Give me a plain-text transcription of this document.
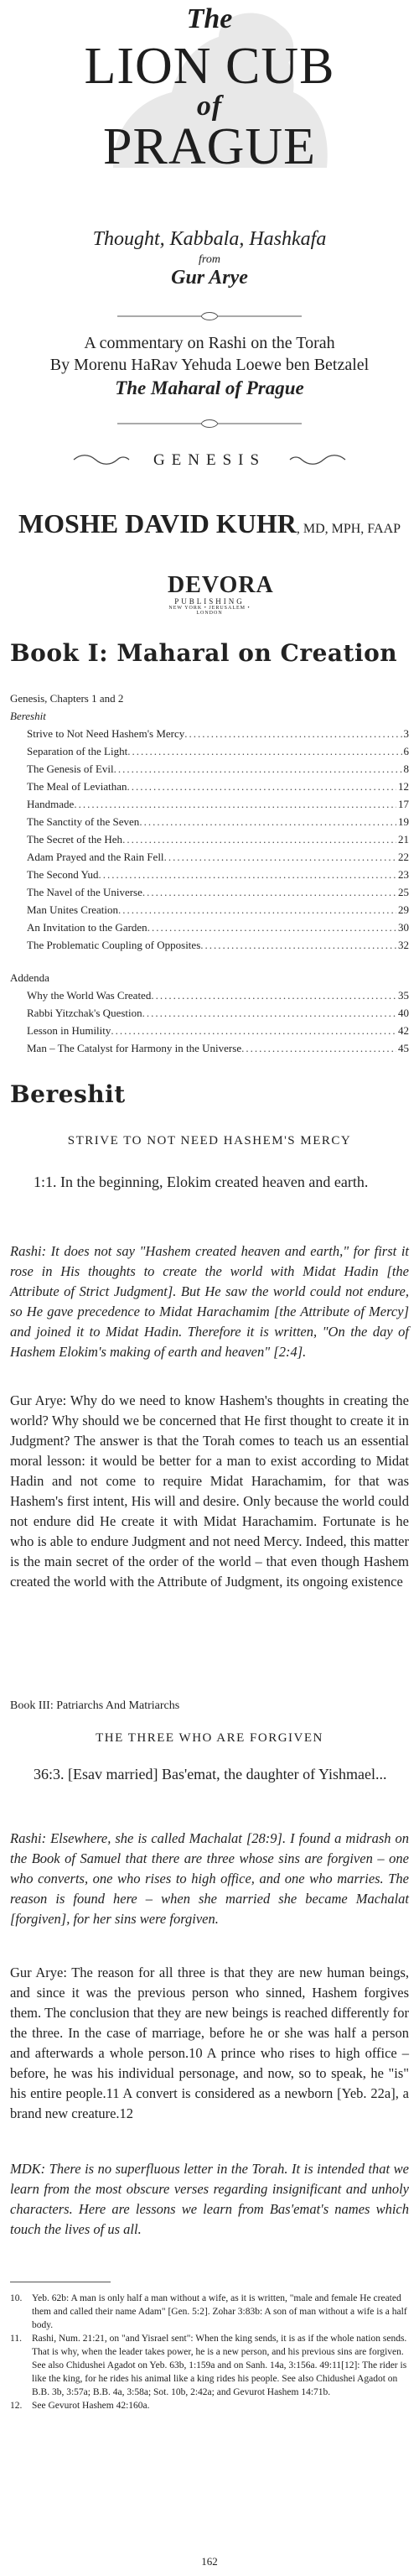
The
LION CUB
of
PRAGUE
Thought, Kabbala, Hashkafa
from
Gur Arye
A commentary on Rashi on the Torah
By Morenu HaRav Yehuda Loewe ben Betzalel
The Maharal of Prague
GENESIS
MOSHE DAVID KUHR, MD, MPH, FAAP
DEVORA
PUBLISHING
NEW YORK • JERUSALEM • LONDON
Book I: Maharal on Creation
Genesis, Chapters 1 and 2
Bereshit
Strive to Not Need Hashem's Mercy .....	3
Separation of the Light .....	6
The Genesis of Evil .....	8
The Meal of Leviathan .....	12
Handmade .....	17
The Sanctity of the Seven .....	19
The Secret of the Heh .....	21
Adam Prayed and the Rain Fell .....	22
The Second Yud .....	23
The Navel of the Universe .....	25
Man Unites Creation .....	29
An Invitation to the Garden .....	30
The Problematic Coupling of Opposites .....	32
Addenda
Why the World Was Created .....	35
Rabbi Yitzchak's Question .....	40
Lesson in Humility .....	42
Man – The Catalyst for Harmony in the Universe .....	45
Bereshit
STRIVE TO NOT NEED HASHEM'S MERCY
1:1. In the beginning, Elokim created heaven and earth.
Rashi: It does not say "Hashem created heaven and earth," for first it rose in His thoughts to create the world with Midat Hadin [the Attribute of Strict Judgment]. But He saw the world could not endure, so He gave precedence to Midat Harachamim [the Attribute of Mercy] and joined it to Midat Hadin. Therefore it is written, "On the day of Hashem Elokim's making of earth and heaven" [2:4].
Gur Arye: Why do we need to know Hashem's thoughts in creating the world? Why should we be concerned that He first thought to create it in Judgment? The answer is that the Torah comes to teach us an essential moral lesson: it would be better for a man to exist according to Midat Hadin and not come to require Midat Harachamim, for that was Hashem's first intent, His will and desire. Only because the world could not endure did He create it with Midat Harachamim. Fortunate is he who is able to endure Judgment and not need Mercy. Indeed, this matter is the main secret of the order of the world – that even though Hashem created the world with the Attribute of Judgment, its ongoing existence
Book III: Patriarchs And Matriarchs
THE THREE WHO ARE FORGIVEN
36:3. [Esav married] Bas'emat, the daughter of Yishmael...
Rashi: Elsewhere, she is called Machalat [28:9]. I found a midrash on the Book of Samuel that there are three whose sins are forgiven – one who converts, one who rises to high office, and one who marries. The reason is found here – when she married she became Machalat [forgiven], for her sins were forgiven.
Gur Arye: The reason for all three is that they are new human beings, and since it was the previous person who sinned, Hashem forgives them. The conclusion that they are new beings is reached differently for the three. In the case of marriage, before he or she was half a person and afterwards a whole person.10 A prince who rises to high office – before, he was his individual personage, and now, so to speak, he "is" his entire people.11 A convert is considered as a newborn [Yeb. 22a], a brand new creature.12
MDK: There is no superfluous letter in the Torah. It is intended that we learn from the most obscure verses regarding insignificant and unholy characters. Here are lessons we learn from Bas'emat's names which touch the lives of us all.
10.	Yeb. 62b: A man is only half a man without a wife, as it is written, "male and female He created them and called their name Adam" [Gen. 5:2]. Zohar 3:83b: A son of man without a wife is a half body.
11.	Rashi, Num. 21:21, on "and Yisrael sent": When the king sends, it is as if the whole nation sends. That is why, when the leader takes power, he is a new person, and his previous sins are forgiven. See also Chidushei Agadot on Yeb. 63b, 1:159a and on Sanh. 14a, 3:156a. 49:11[12]: The rider is like the king, for he rides his animal like a king rides his people. See also Chidushei Agadot on B.B. 3b, 3:57a; B.B. 4a, 3:58a; Sot. 10b, 2:42a; and Gevurot Hashem 14:71b.
12.	See Gevurot Hashem 42:160a.
162
